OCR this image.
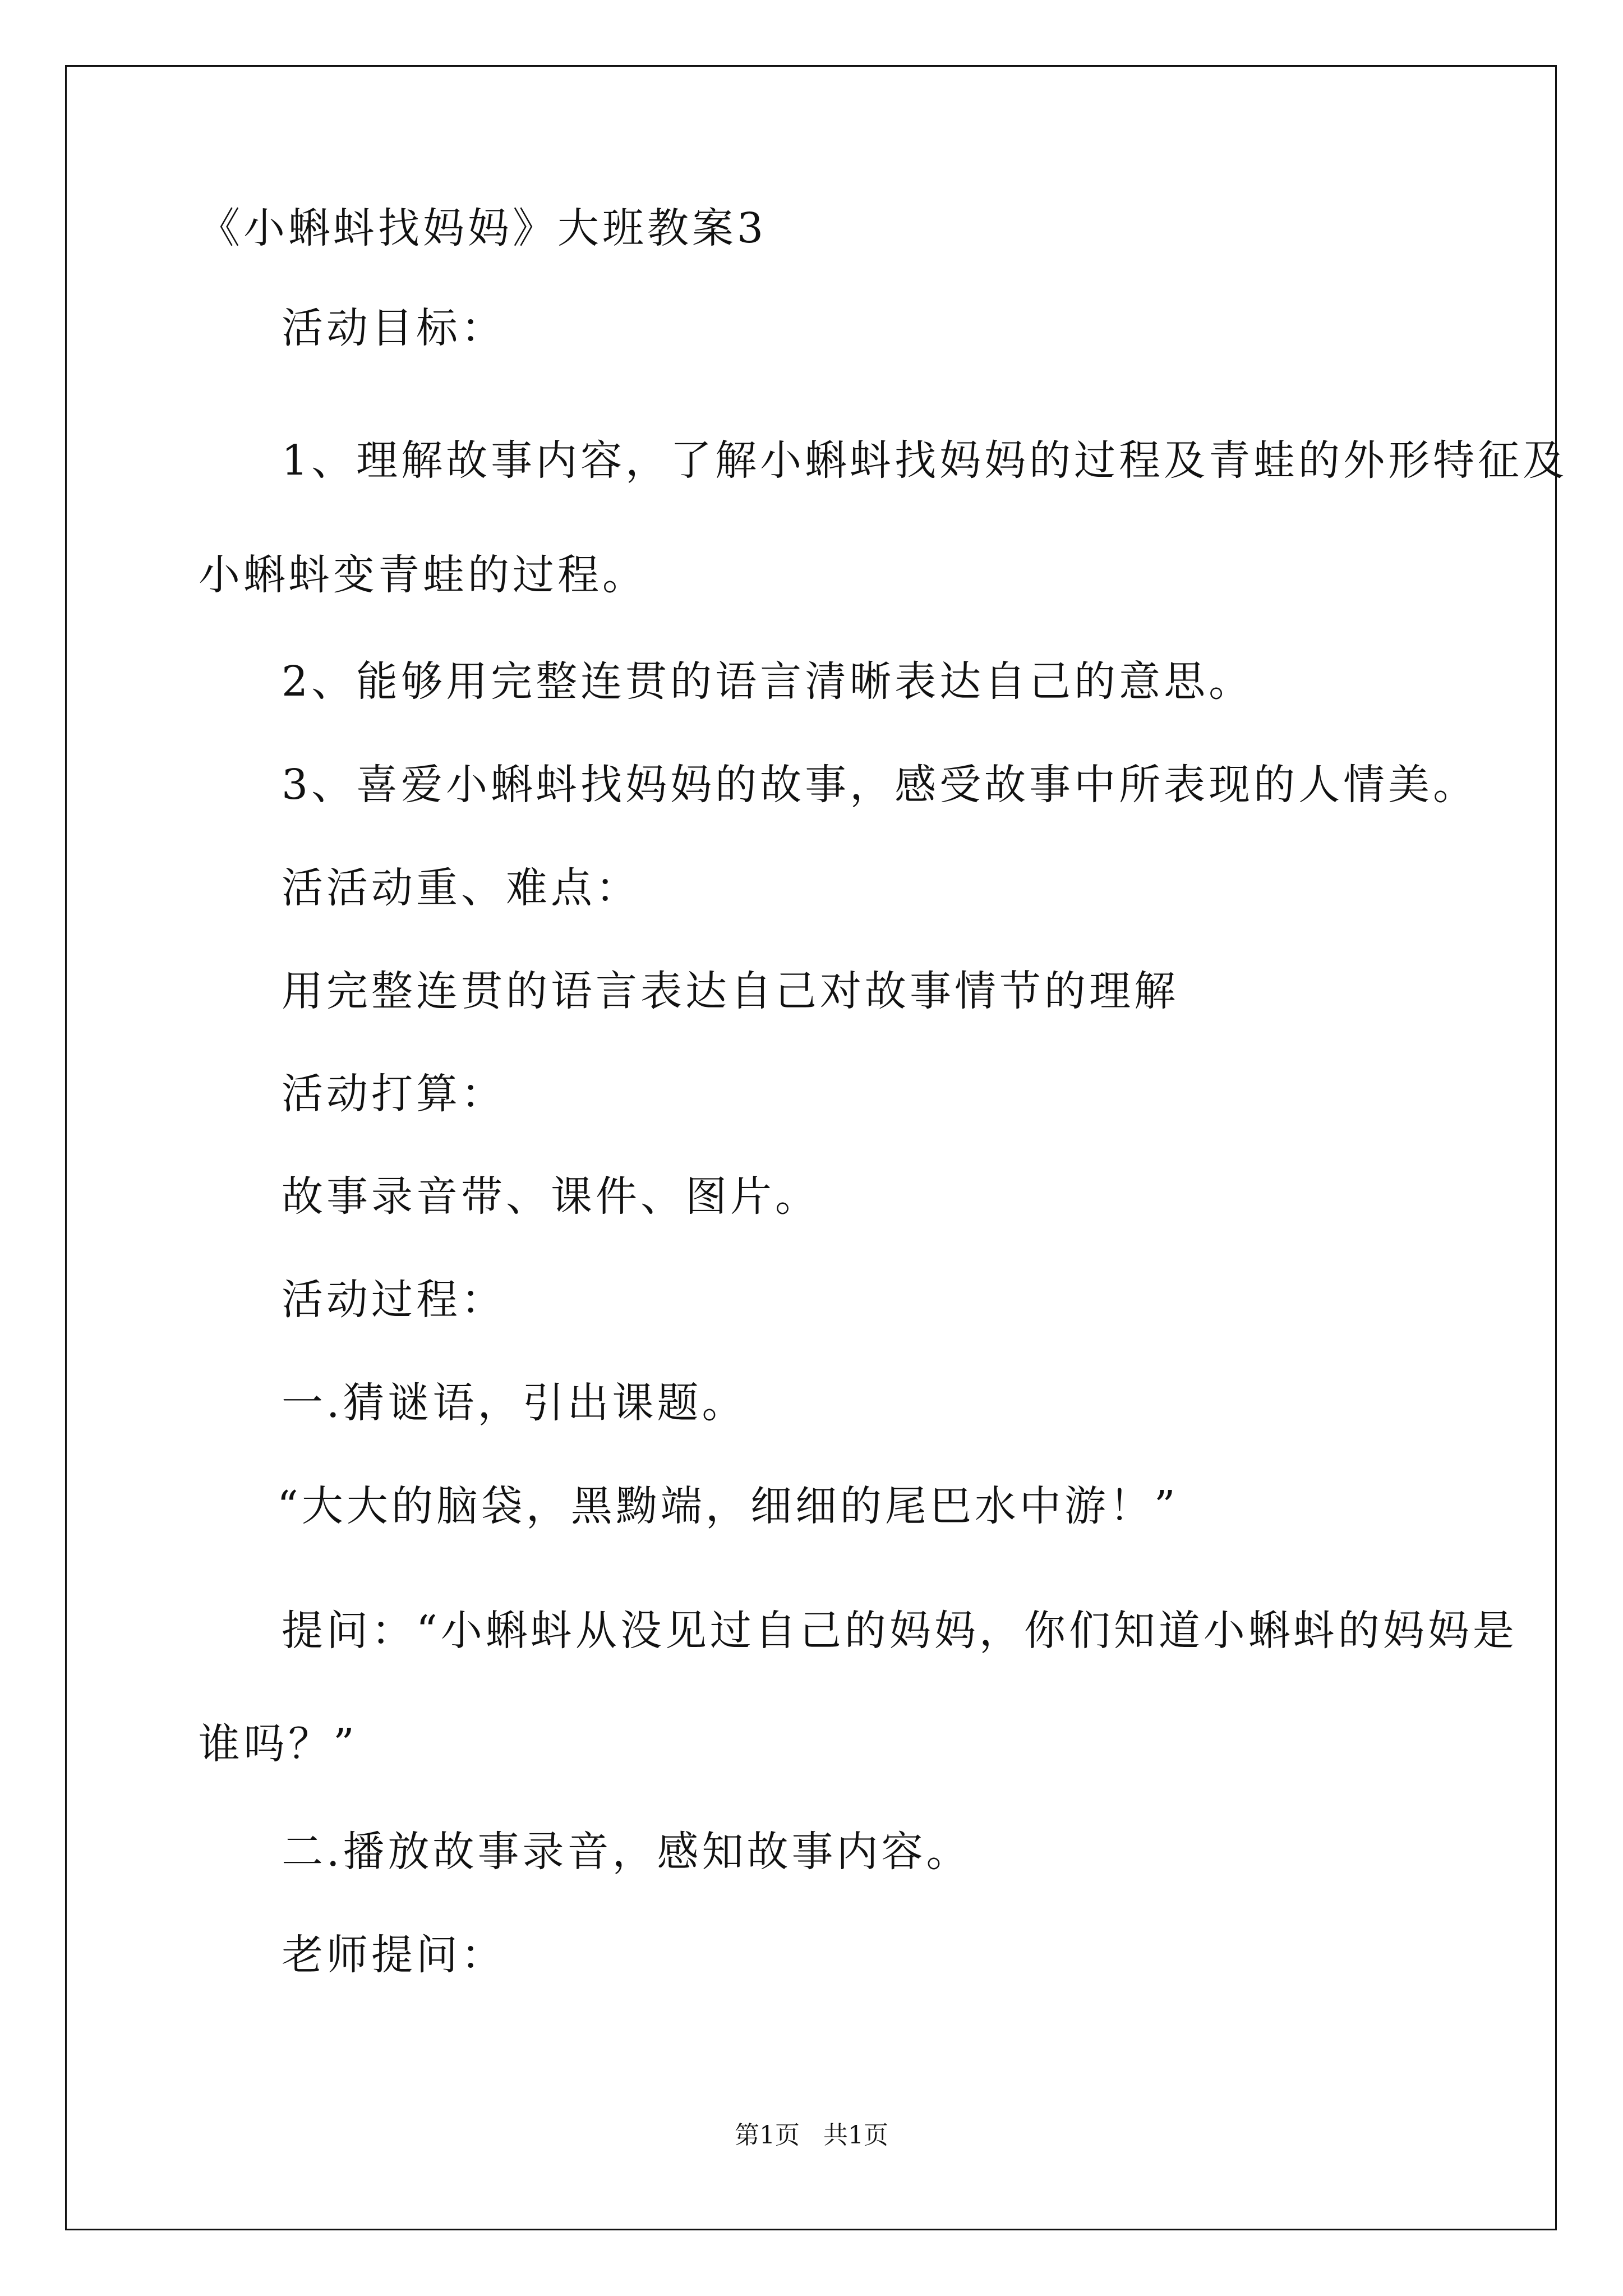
《小蝌蚪找妈妈》大班教案3
活动目标：
1、理解故事内容，了解小蝌蚪找妈妈的过程及青蛙的外形特征及
小蝌蚪变青蛙的过程。
2、能够用完整连贯的语言清晰表达自己的意思。
3、喜爱小蝌蚪找妈妈的故事，感受故事中所表现的人情美。
活活动重、难点：
用完整连贯的语言表达自己对故事情节的理解
活动打算：
故事录音带、课件、图片。
活动过程：
一.猜谜语，引出课题。
“大大的脑袋，黑黝端，细细的尾巴水中游！”
提问：“小蝌蚪从没见过自己的妈妈，你们知道小蝌蚪的妈妈是
谁吗？”
二.播放故事录音，感知故事内容。
老师提问：
第1页   共1页
